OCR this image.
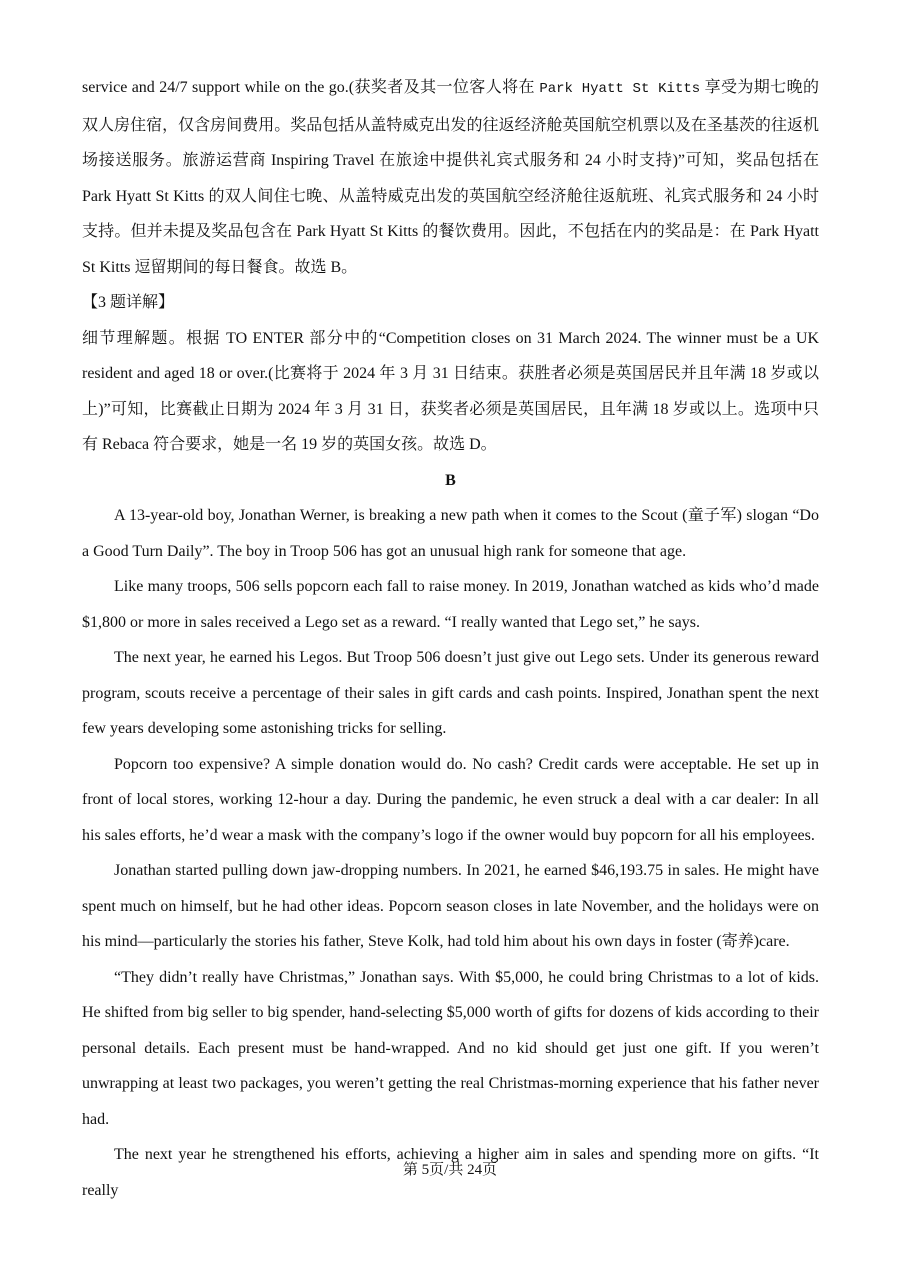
service and 24/7 support while on the go.(获奖者及其一位客人将在 Park Hyatt St Kitts 享受为期七晚的双人房住宿，仅含房间费用。奖品包括从盖特威克出发的往返经济舱英国航空机票以及在圣基茨的往返机场接送服务。旅游运营商 Inspiring Travel 在旅途中提供礼宾式服务和 24 小时支持)”可知，奖品包括在 Park Hyatt St Kitts 的双人间住七晚、从盖特威克出发的英国航空经济舱往返航班、礼宾式服务和 24 小时支持。但并未提及奖品包含在 Park Hyatt St Kitts 的餐饮费用。因此，不包括在内的奖品是：在 Park Hyatt St Kitts 逗留期间的每日餐食。故选 B。

【3 题详解】

细节理解题。根据 TO ENTER 部分中的“Competition closes on 31 March 2024. The winner must be a UK resident and aged 18 or over.(比赛将于 2024 年 3 月 31 日结束。获胜者必须是英国居民并且年满 18 岁或以上)”可知，比赛截止日期为 2024 年 3 月 31 日，获奖者必须是英国居民，且年满 18 岁或以上。选项中只有 Rebaca 符合要求，她是一名 19 岁的英国女孩。故选 D。

B

A 13-year-old boy, Jonathan Werner, is breaking a new path when it comes to the Scout (童子军) slogan “Do a Good Turn Daily”. The boy in Troop 506 has got an unusual high rank for someone that age.

Like many troops, 506 sells popcorn each fall to raise money. In 2019, Jonathan watched as kids who’d made $1,800 or more in sales received a Lego set as a reward. “I really wanted that Lego set,” he says.

The next year, he earned his Legos. But Troop 506 doesn’t just give out Lego sets. Under its generous reward program, scouts receive a percentage of their sales in gift cards and cash points. Inspired, Jonathan spent the next few years developing some astonishing tricks for selling.

Popcorn too expensive? A simple donation would do. No cash? Credit cards were acceptable. He set up in front of local stores, working 12-hour a day. During the pandemic, he even struck a deal with a car dealer: In all his sales efforts, he’d wear a mask with the company’s logo if the owner would buy popcorn for all his employees.

Jonathan started pulling down jaw-dropping numbers. In 2021, he earned $46,193.75 in sales. He might have spent much on himself, but he had other ideas. Popcorn season closes in late November, and the holidays were on his mind—particularly the stories his father, Steve Kolk, had told him about his own days in foster (寄养)care.

“They didn’t really have Christmas,” Jonathan says. With $5,000, he could bring Christmas to a lot of kids. He shifted from big seller to big spender, hand-selecting $5,000 worth of gifts for dozens of kids according to their personal details. Each present must be hand-wrapped. And no kid should get just one gift. If you weren’t unwrapping at least two packages, you weren’t getting the real Christmas-morning experience that his father never had.

The next year he strengthened his efforts, achieving a higher aim in sales and spending more on gifts. “It really

第 5页/共 24页
